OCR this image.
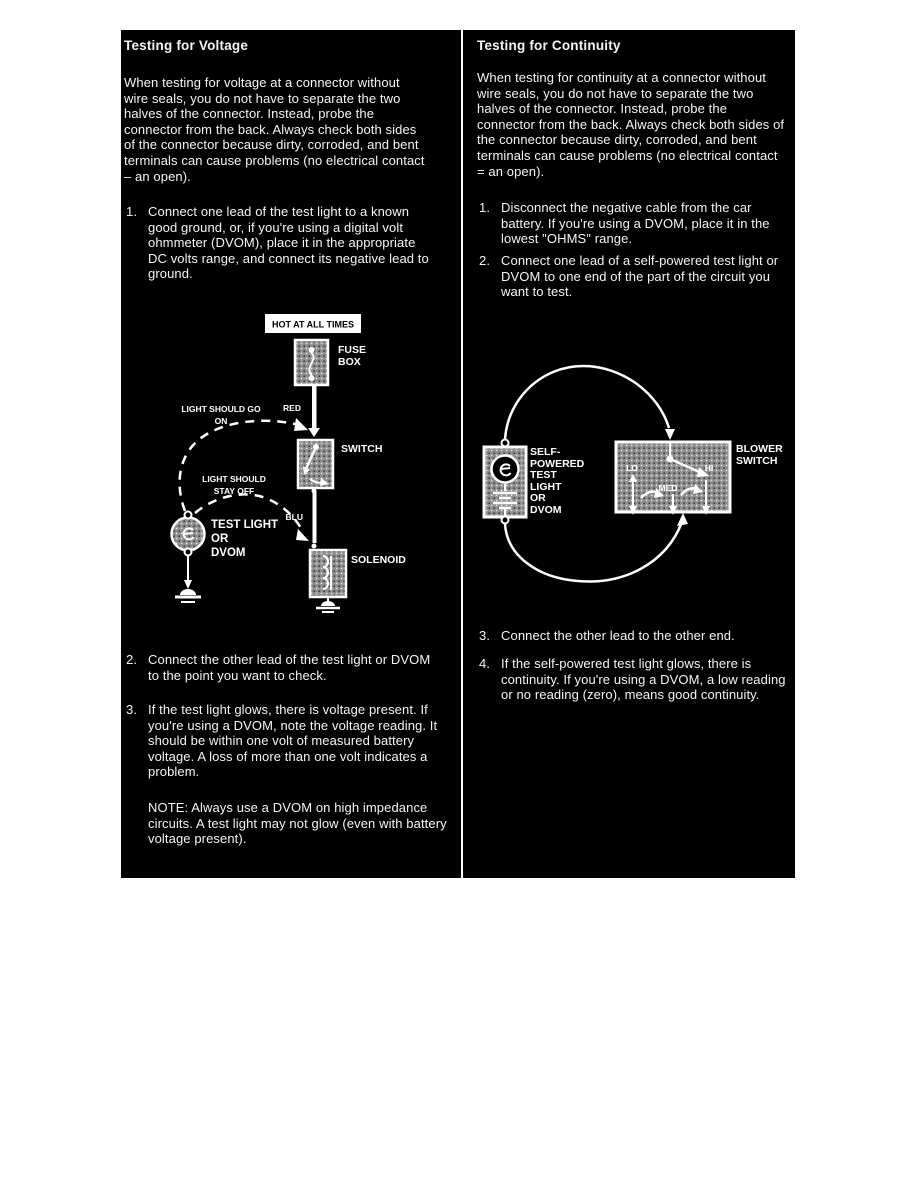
Testing for Voltage
When testing for voltage at a connector without wire seals, you do not have to separate the two halves of the connector. Instead, probe the connector from the back. Always check both sides of the connector because dirty, corroded, and bent terminals can cause problems (no electrical contact – an open).
1. Connect one lead of the test light to a known good ground, or, if you're using a digital volt ohmmeter (DVOM), place it in the appropriate DC volts range, and connect its negative lead to ground.
HOT AT ALL TIMES
FUSE
BOX
RED
SWITCH
BLU
SOLENOID
TEST LIGHT
OR
DVOM
LIGHT SHOULD GO
ON
LIGHT SHOULD
STAY OFF
2. Connect the other lead of the test light or DVOM to the point you want to check.
3. If the test light glows, there is voltage present. If you're using a DVOM, note the voltage reading. It should be within one volt of measured battery voltage. A loss of more than one volt indicates a problem.
NOTE: Always use a DVOM on high impedance circuits. A test light may not glow (even with battery voltage present).
Testing for Continuity
When testing for continuity at a connector without wire seals, you do not have to separate the two halves of the connector. Instead, probe the connector from the back. Always check both sides of the connector because dirty, corroded, and bent terminals can cause problems (no electrical contact = an open).
1. Disconnect the negative cable from the car battery. If you're using a DVOM, place it in the lowest "OHMS" range.
2. Connect one lead of a self-powered test light or DVOM to one end of the part of the circuit you want to test.
SELF-
POWERED
TEST
LIGHT
OR
DVOM
LO	HI
MED
BLOWER
SWITCH
3. Connect the other lead to the other end.
4. If the self-powered test light glows, there is continuity. If you're using a DVOM, a low reading or no reading (zero), means good continuity.
